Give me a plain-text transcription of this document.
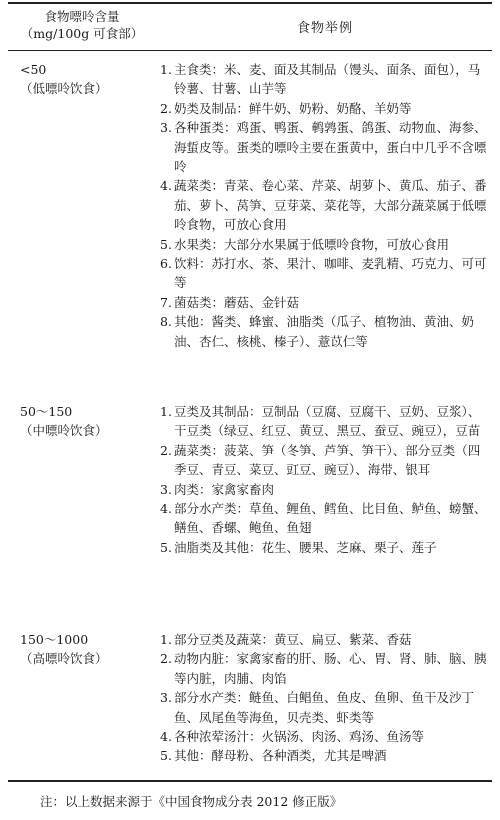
食物嘌呤含量
（mg/100g 可食部）	食物举例
<50
（低嘌呤饮食）
1. 主食类：米、麦、面及其制品（馒头、面条、面包），马铃薯、甘薯、山芋等
2. 奶类及制品：鲜牛奶、奶粉、奶酪、羊奶等
3. 各种蛋类：鸡蛋、鸭蛋、鹌鹑蛋、鸽蛋、动物血、海参、海蜇皮等。蛋类的嘌呤主要在蛋黄中，蛋白中几乎不含嘌呤
4. 蔬菜类：青菜、卷心菜、芹菜、胡萝卜、黄瓜、茄子、番茄、萝卜、莴笋、豆芽菜、菜花等，大部分蔬菜属于低嘌呤食物，可放心食用
5. 水果类：大部分水果属于低嘌呤食物，可放心食用
6. 饮料：苏打水、茶、果汁、咖啡、麦乳精、巧克力、可可等
7. 菌菇类：蘑菇、金针菇
8. 其他：酱类、蜂蜜、油脂类（瓜子、植物油、黄油、奶油、杏仁、核桃、榛子）、薏苡仁等
50～150
（中嘌呤饮食）
1. 豆类及其制品：豆制品（豆腐、豆腐干、豆奶、豆浆）、干豆类（绿豆、红豆、黄豆、黑豆、蚕豆、豌豆），豆苗
2. 蔬菜类：菠菜、笋（冬笋、芦笋、笋干）、部分豆类（四季豆、青豆、菜豆、豇豆、豌豆）、海带、银耳
3. 肉类：家禽家畜肉
4. 部分水产类：草鱼、鲤鱼、鳕鱼、比目鱼、鲈鱼、螃蟹、鳝鱼、香螺、鲍鱼、鱼翅
5. 油脂类及其他：花生、腰果、芝麻、栗子、莲子
150～1000
（高嘌呤饮食）
1. 部分豆类及蔬菜：黄豆、扁豆、紫菜、香菇
2. 动物内脏：家禽家畜的肝、肠、心、胃、肾、肺、脑、胰等内脏，肉脯、肉馅
3. 部分水产类：鲢鱼、白鲳鱼、鱼皮、鱼卵、鱼干及沙丁鱼、凤尾鱼等海鱼，贝壳类、虾类等
4. 各种浓荤汤汁：火锅汤、肉汤、鸡汤、鱼汤等
5. 其他：酵母粉、各种酒类，尤其是啤酒
注：以上数据来源于《中国食物成分表 2012 修正版》
